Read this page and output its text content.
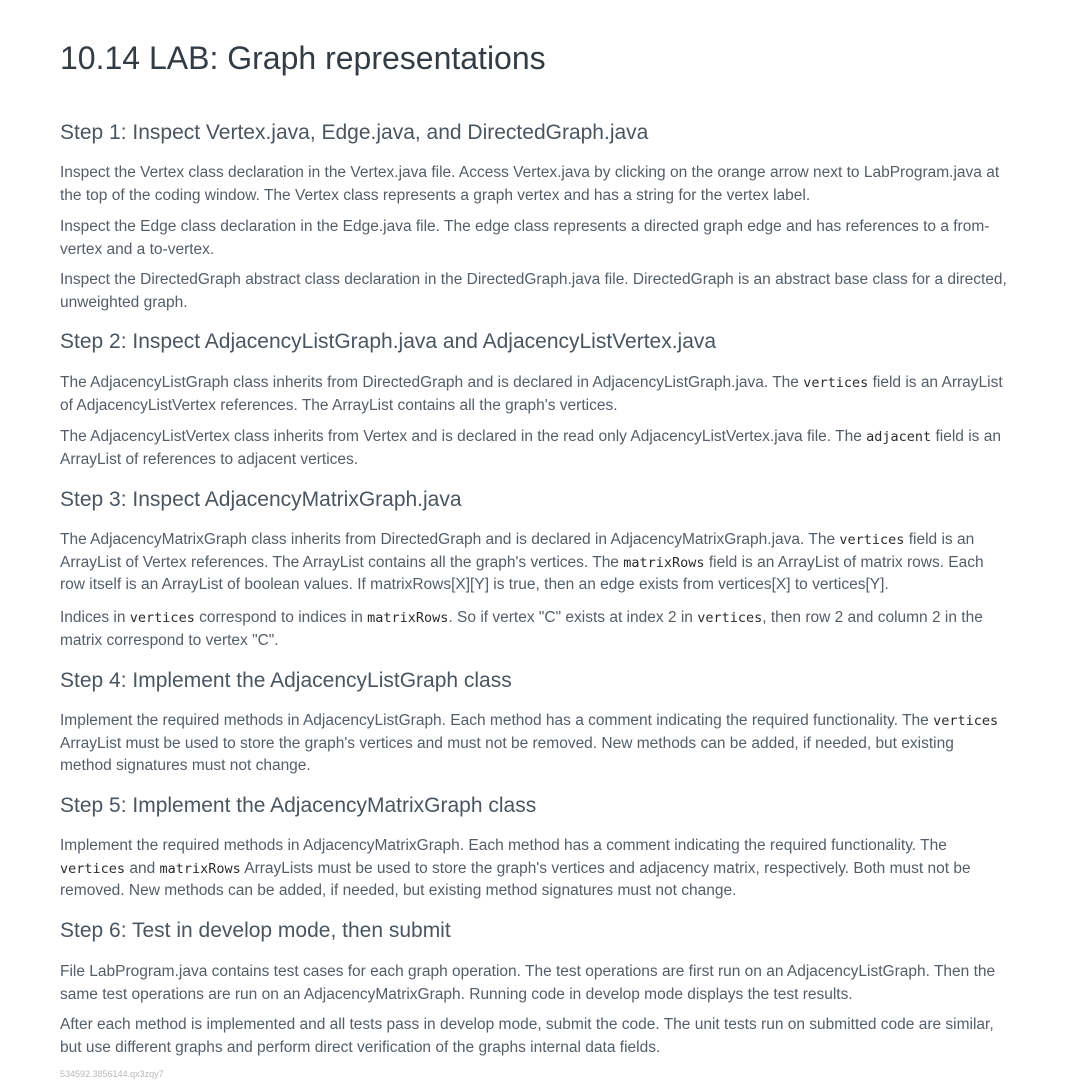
10.14 LAB: Graph representations
Step 1: Inspect Vertex.java, Edge.java, and DirectedGraph.java

Inspect the Vertex class declaration in the Vertex.java file. Access Vertex.java by clicking on the orange arrow next to LabProgram.java at the top of the coding window. The Vertex class represents a graph vertex and has a string for the vertex label.

Inspect the Edge class declaration in the Edge.java file. The edge class represents a directed graph edge and has references to a from-vertex and a to-vertex.

Inspect the DirectedGraph abstract class declaration in the DirectedGraph.java file. DirectedGraph is an abstract base class for a directed, unweighted graph.

Step 2: Inspect AdjacencyListGraph.java and AdjacencyListVertex.java

The AdjacencyListGraph class inherits from DirectedGraph and is declared in AdjacencyListGraph.java. The vertices field is an ArrayList of AdjacencyListVertex references. The ArrayList contains all the graph's vertices.

The AdjacencyListVertex class inherits from Vertex and is declared in the read only AdjacencyListVertex.java file. The adjacent field is an ArrayList of references to adjacent vertices.

Step 3: Inspect AdjacencyMatrixGraph.java

The AdjacencyMatrixGraph class inherits from DirectedGraph and is declared in AdjacencyMatrixGraph.java. The vertices field is an ArrayList of Vertex references. The ArrayList contains all the graph's vertices. The matrixRows field is an ArrayList of matrix rows. Each row itself is an ArrayList of boolean values. If matrixRows[X][Y] is true, then an edge exists from vertices[X] to vertices[Y].

Indices in vertices correspond to indices in matrixRows. So if vertex "C" exists at index 2 in vertices, then row 2 and column 2 in the matrix correspond to vertex "C".

Step 4: Implement the AdjacencyListGraph class

Implement the required methods in AdjacencyListGraph. Each method has a comment indicating the required functionality. The vertices ArrayList must be used to store the graph's vertices and must not be removed. New methods can be added, if needed, but existing method signatures must not change.

Step 5: Implement the AdjacencyMatrixGraph class

Implement the required methods in AdjacencyMatrixGraph. Each method has a comment indicating the required functionality. The vertices and matrixRows ArrayLists must be used to store the graph's vertices and adjacency matrix, respectively. Both must not be removed. New methods can be added, if needed, but existing method signatures must not change.

Step 6: Test in develop mode, then submit

File LabProgram.java contains test cases for each graph operation. The test operations are first run on an AdjacencyListGraph. Then the same test operations are run on an AdjacencyMatrixGraph. Running code in develop mode displays the test results.

After each method is implemented and all tests pass in develop mode, submit the code. The unit tests run on submitted code are similar, but use different graphs and perform direct verification of the graphs internal data fields.

534592.3856144.qx3zqy7
